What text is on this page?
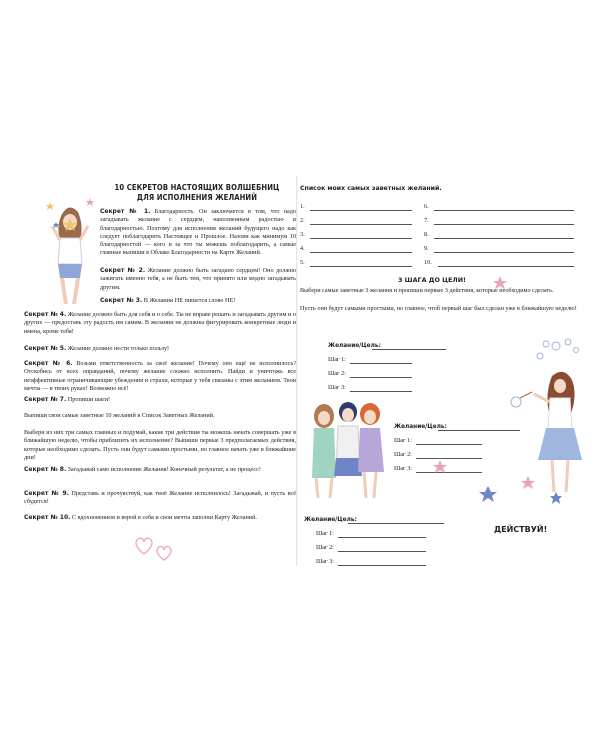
10 СЕКРЕТОВ НАСТОЯЩИХ ВОЛШЕБНИЦ
ДЛЯ ИСПОЛНЕНИЯ ЖЕЛАНИЙ
Секрет № 1. Благодарность. Он заключается в том, что надо загадывать желание с сердцем, наполненным радостью и благодарностью. Поэтому для исполнения желаний будущего надо как следует поблагодарить Настоящее и Прошлое. Назови как минимум 10 благодарностей — кого и за что ты можешь поблагодарить, а самые главные выпиши в Облако Благодарности на Карте Желаний.
Секрет № 2. Желание должно быть загадано сердцем! Оно должно зажигать именно тебя, а не быть тем, что принято или модно загадывать другим.
Секрет № 3. В Желании НЕ пишется слово НЕ!
Секрет № 4. Желание должно быть для себя и о себе. Ты не вправе решать и загадывать другим и о других — предоставь эту радость им самим. В желании не должны фигурировать конкретные люди и имена, кроме тебя!
Секрет № 5. Желание должно нести только пользу!
Секрет № 6. Возьми ответственность за своё желание! Почему оно ещё не исполнилось? Отскобись от всех оправданий, почему желание сложно исполнить. Найди и уничтожь все неэффективные ограничивающие убеждения и страхи, которые у тебя связаны с этим желанием. Твои мечты — в твоих руках! Возможно всё!
Секрет № 7. Пропиши шаги!
Выпиши свои самые заветные 10 желаний в Список Заветных Желаний.
Выбери из них три самых главных и подумай, какие три действия ты можешь начать совершать уже в ближайшую неделю, чтобы приблизить их исполнение? Выпиши первые 3 предполагаемых действия, которые необходимо сделать. Пусть они будут самыми простыми, но главное начать уже в ближайшие дни!
Секрет № 8. Загадывай само исполнение Желания! Конечный результат, а не процесс!
Секрет № 9. Представь и прочувствуй, как твоё Желание исполнилось! Загадывай, и пусть всё сбудется!
Секрет № 10. С вдохновением и верой в себя и свои мечты заполни Карту Желаний.
Список моих самых заветных желаний.
1.
2.
3.
4.
5.
6.
7.
8.
9.
10.
3 ШАГА ДО ЦЕЛИ!
Выбери самые заветные 3 желания и пропиши первые 3 действия, которые необходимо сделать.
Пусть они будут самыми простыми, но главное, чтоб первый шаг был сделан уже в ближайшую неделю!
Желание/Цель:
Шаг 1:
Шаг 2:
Шаг 3:
Желание/Цель:
Шаг 1:
Шаг 2:
Шаг 3:
Желание/Цель:
Шаг 1:
Шаг 2:
Шаг 3:
ДЕЙСТВУЙ!
